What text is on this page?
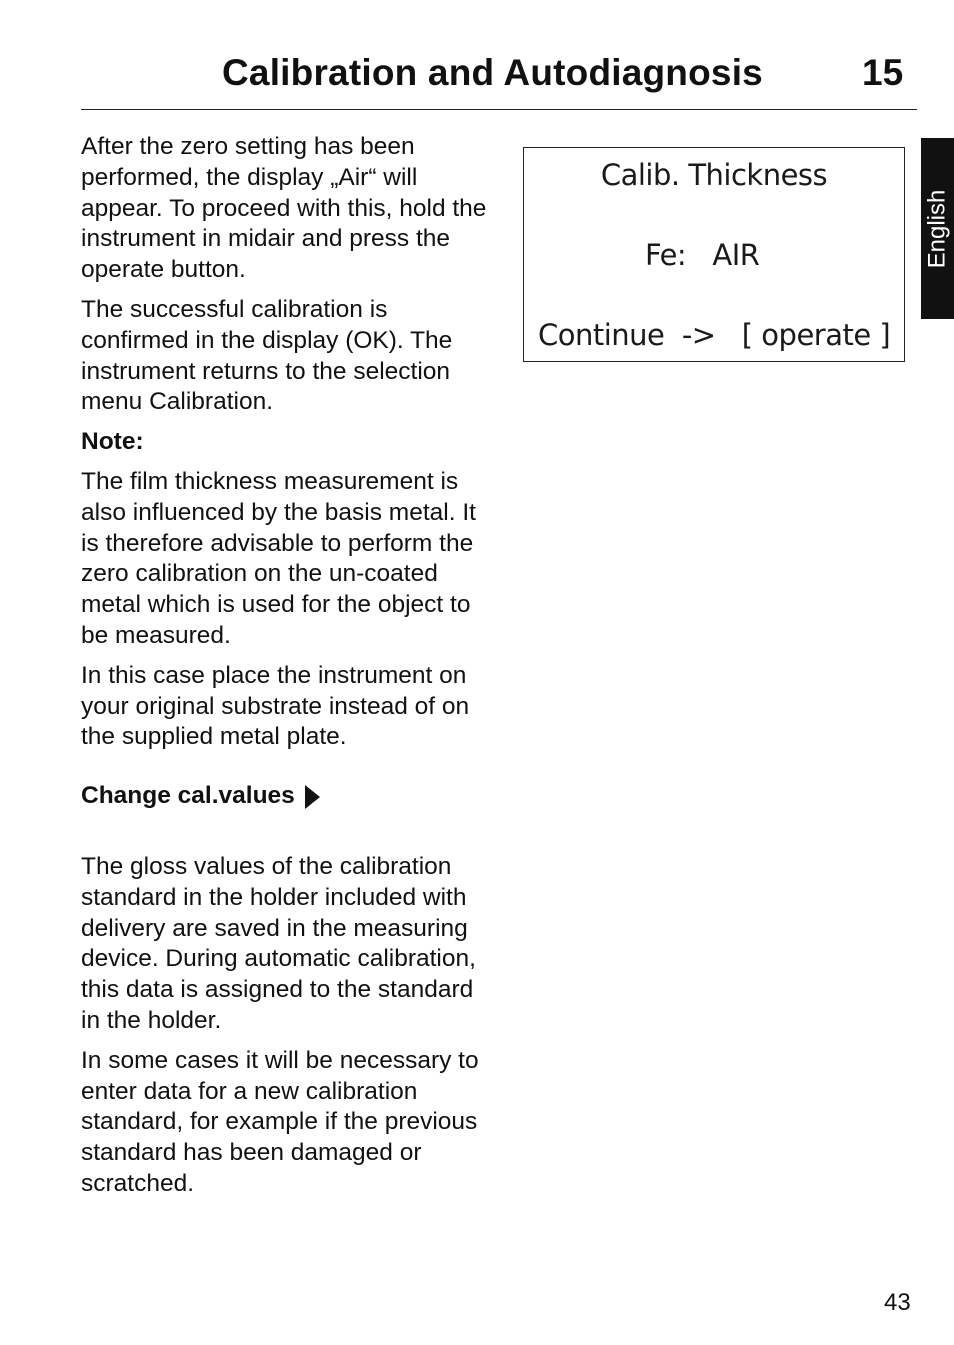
Calibration and Autodiagnosis	15
English

After the zero setting has been performed, the display „Air“ will appear. To proceed with this, hold the instrument in midair and press the operate button.

The successful calibration is confirmed in the display (OK). The instrument returns to the selection menu Calibration.

Note:

The film thickness measurement is also influenced by the basis metal. It is therefore advisable to perform the zero calibration on the un-coated metal which is used for the object to be measured.

In this case place the instrument on your original substrate instead of on the supplied metal plate.

Change cal.values

The gloss values of the calibration standard in the holder included with delivery are saved in the measuring device. During automatic calibration, this data is assigned to the standard in the holder.

In some cases it will be necessary to enter data for a new calibration standard, for example if the previous standard has been damaged or scratched.

Calib. Thickness
Fe:   AIR
Continue  ->   [ operate ]
43
